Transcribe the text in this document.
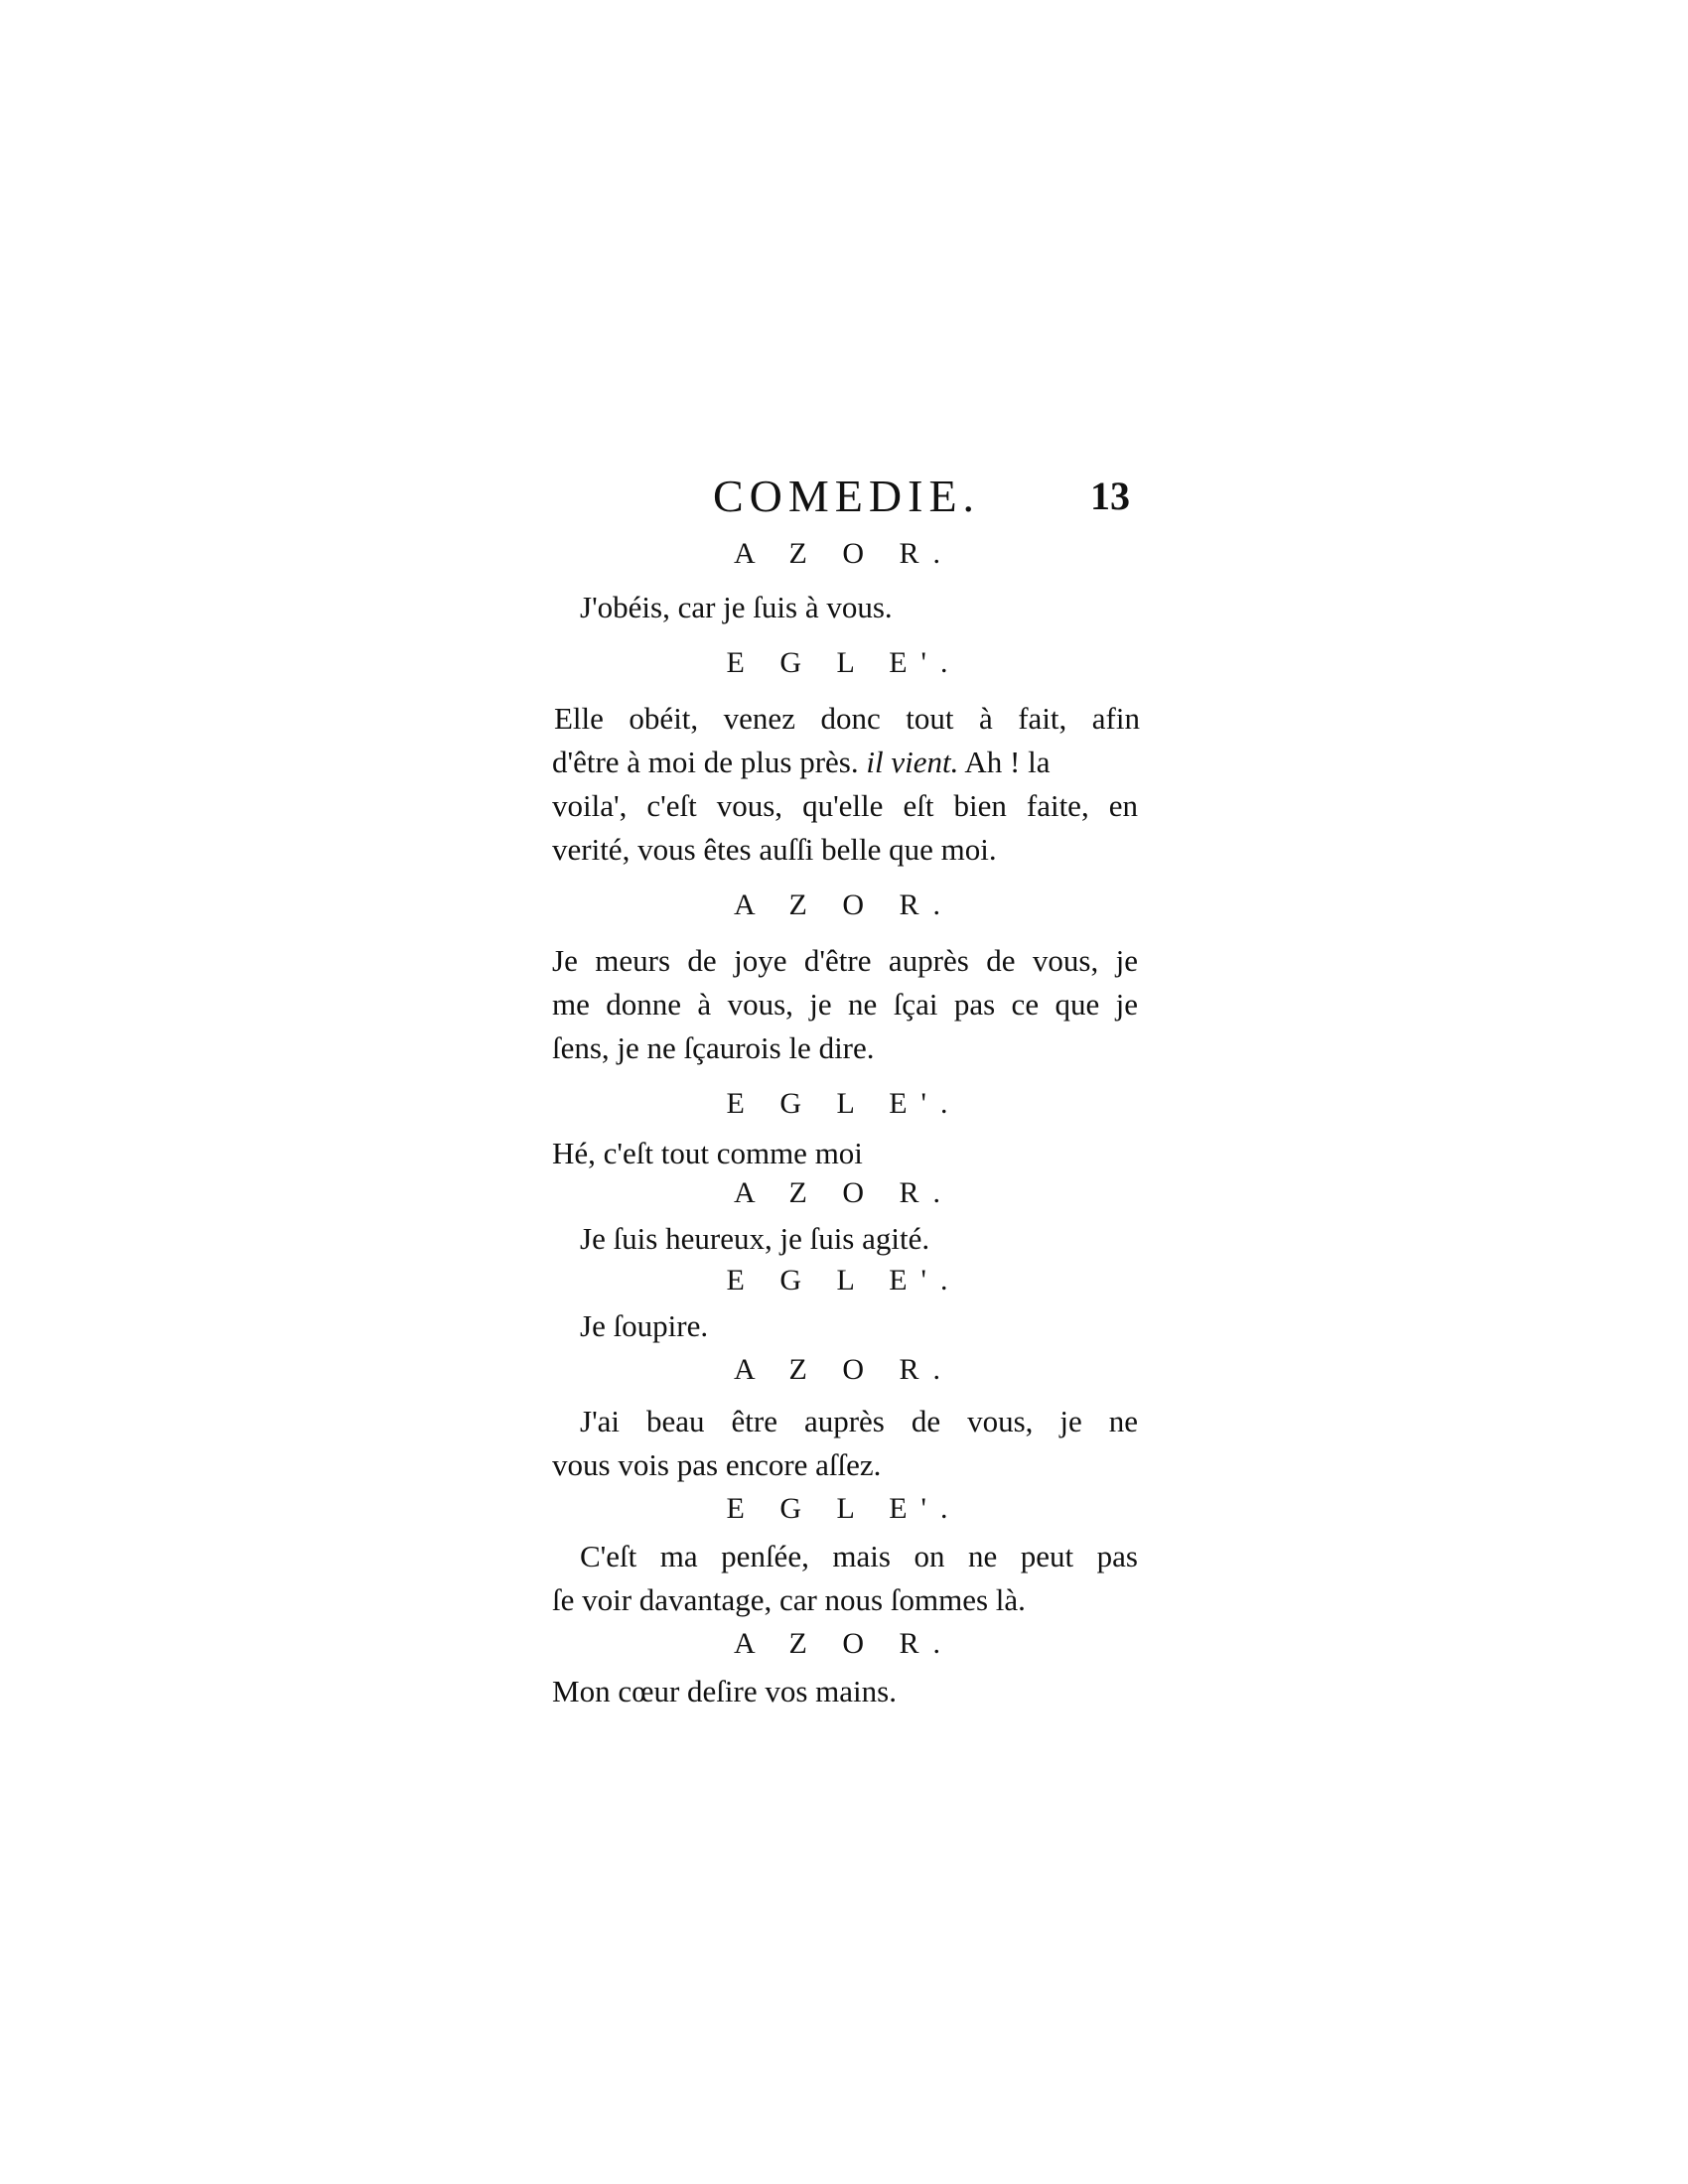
COMEDIE.	13
A Z O R.
J'obéis, car je ſuis à vous.
E G L E'.
Elle obéit, venez donc tout à fait, afin
d'être à moi de plus près. il vient. Ah ! la
voila', c'eſt vous, qu'elle eſt bien faite, en
verité, vous êtes auſſi belle que moi.
A Z O R.
Je meurs de joye d'être auprès de vous, je
me donne à vous, je ne ſçai pas ce que je
ſens, je ne ſçaurois le dire.
E G L E'.
Hé, c'eſt tout comme moi
A Z O R.
Je ſuis heureux, je ſuis agité.
E G L E'.
Je ſoupire.
A Z O R.
J'ai beau être auprès de vous, je ne
vous vois pas encore aſſez.
E G L E'.
C'eſt ma penſée, mais on ne peut pas
ſe voir davantage, car nous ſommes là.
A Z O R.
Mon cœur deſire vos mains.
